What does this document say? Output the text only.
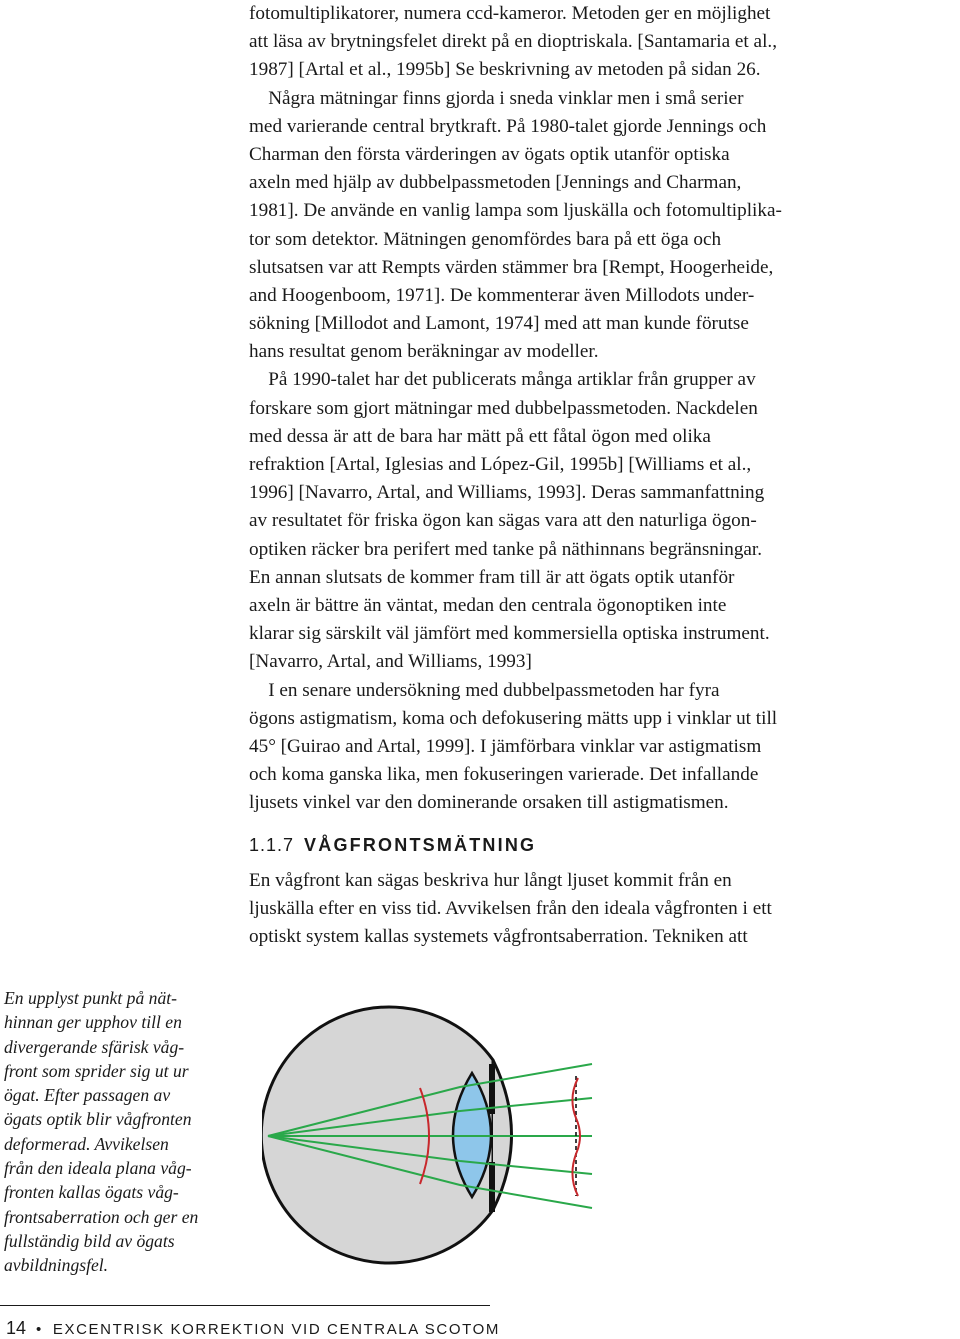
fotomultiplikatorer, numera ccd-kameror. Metoden ger en möjlighet
att läsa av brytningsfelet direkt på en dioptriskala. [Santamaria et al.,
1987] [Artal et al., 1995b] Se beskrivning av metoden på sidan 26.
Några mätningar finns gjorda i sneda vinklar men i små serier
med varierande central brytkraft. På 1980-talet gjorde Jennings och
Charman den första värderingen av ögats optik utanför optiska
axeln med hjälp av dubbelpassmetoden [Jennings and Charman,
1981]. De använde en vanlig lampa som ljuskälla och fotomultiplika-
tor som detektor. Mätningen genomfördes bara på ett öga och
slutsatsen var att Rempts värden stämmer bra [Rempt, Hoogerheide,
and Hoogenboom, 1971]. De kommenterar även Millodots under-
sökning [Millodot and Lamont, 1974] med att man kunde förutse
hans resultat genom beräkningar av modeller.
På 1990-talet har det publicerats många artiklar från grupper av
forskare som gjort mätningar med dubbelpassmetoden. Nackdelen
med dessa är att de bara har mätt på ett fåtal ögon med olika
refraktion [Artal, Iglesias and López-Gil, 1995b] [Williams et al.,
1996] [Navarro, Artal, and Williams, 1993]. Deras sammanfattning
av resultatet för friska ögon kan sägas vara att den naturliga ögon-
optiken räcker bra perifert med tanke på näthinnans begränsningar.
En annan slutsats de kommer fram till är att ögats optik utanför
axeln är bättre än väntat, medan den centrala ögonoptiken inte
klarar sig särskilt väl jämfört med kommersiella optiska instrument.
[Navarro, Artal, and Williams, 1993]
I en senare undersökning med dubbelpassmetoden har fyra
ögons astigmatism, koma och defokusering mätts upp i vinklar ut till
45° [Guirao and Artal, 1999]. I jämförbara vinklar var astigmatism
och koma ganska lika, men fokuseringen varierade. Det infallande
ljusets vinkel var den dominerande orsaken till astigmatismen.
1.1.7 VÅGFRONTSMÄTNING
En vågfront kan sägas beskriva hur långt ljuset kommit från en
ljuskälla efter en viss tid. Avvikelsen från den ideala vågfronten i ett
optiskt system kallas systemets vågfrontsaberration. Tekniken att
En upplyst punkt på nät-
hinnan ger upphov till en
divergerande sfärisk våg-
front som sprider sig ut ur
ögat. Efter passagen av
ögats optik blir vågfronten
deformerad. Avvikelsen
från den ideala plana våg-
fronten kallas ögats våg-
frontsaberration och ger en
fullständig bild av ögats
avbildningsfel.
14 • EXCENTRISK KORREKTION VID CENTRALA SCOTOM
